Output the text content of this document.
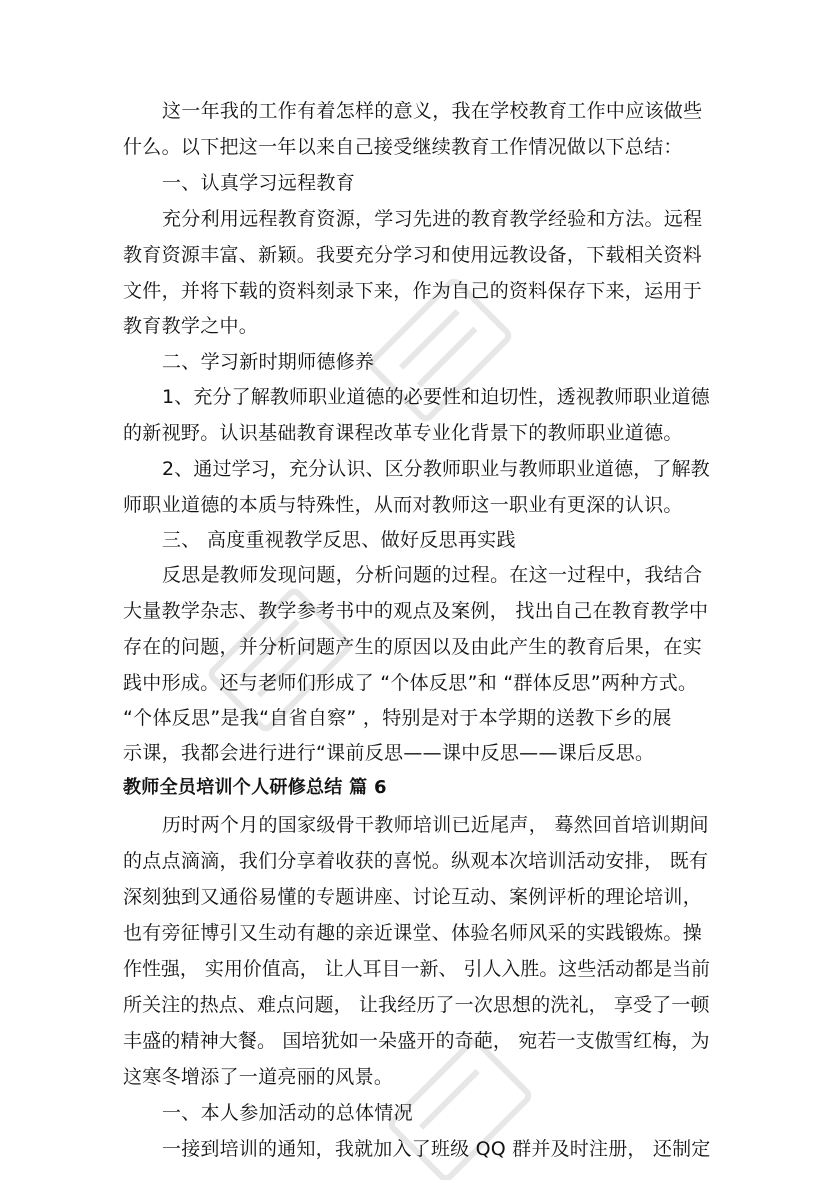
这一年我的工作有着怎样的意义，我在学校教育工作中应该做些
什么。以下把这一年以来自己接受继续教育工作情况做以下总结：
一、认真学习远程教育
充分利用远程教育资源，学习先进的教育教学经验和方法。远程
教育资源丰富、新颖。我要充分学习和使用远教设备，下载相关资料
文件，并将下载的资料刻录下来，作为自己的资料保存下来，运用于
教育教学之中。
二、学习新时期师德修养
1、充分了解教师职业道德的必要性和迫切性，透视教师职业道德
的新视野。认识基础教育课程改革专业化背景下的教师职业道德。
2、通过学习，充分认识、区分教师职业与教师职业道德，了解教
师职业道德的本质与特殊性，从而对教师这一职业有更深的认识。
三、 高度重视教学反思、做好反思再实践
反思是教师发现问题，分析问题的过程。在这一过程中，我结合
大量教学杂志、教学参考书中的观点及案例， 找出自己在教育教学中
存在的问题，并分析问题产生的原因以及由此产生的教育后果，在实
践中形成。还与老师们形成了 “个体反思”和 “群体反思”两种方式。
“个体反思”是我“自省自察” ，特别是对于本学期的送教下乡的展
示课，我都会进行进行“课前反思——课中反思——课后反思。
教师全员培训个人研修总结 篇 6
历时两个月的国家级骨干教师培训已近尾声， 蓦然回首培训期间
的点点滴滴，我们分享着收获的喜悦。纵观本次培训活动安排， 既有
深刻独到又通俗易懂的专题讲座、讨论互动、案例评析的理论培训，
也有旁征博引又生动有趣的亲近课堂、体验名师风采的实践锻炼。操
作性强， 实用价值高， 让人耳目一新、 引人入胜。这些活动都是当前
所关注的热点、难点问题， 让我经历了一次思想的洗礼， 享受了一顿
丰盛的精神大餐。 国培犹如一朵盛开的奇葩， 宛若一支傲雪红梅，为
这寒冬增添了一道亮丽的风景。
一、本人参加活动的总体情况
一接到培训的通知，我就加入了班级 QQ 群并及时注册， 还制定
